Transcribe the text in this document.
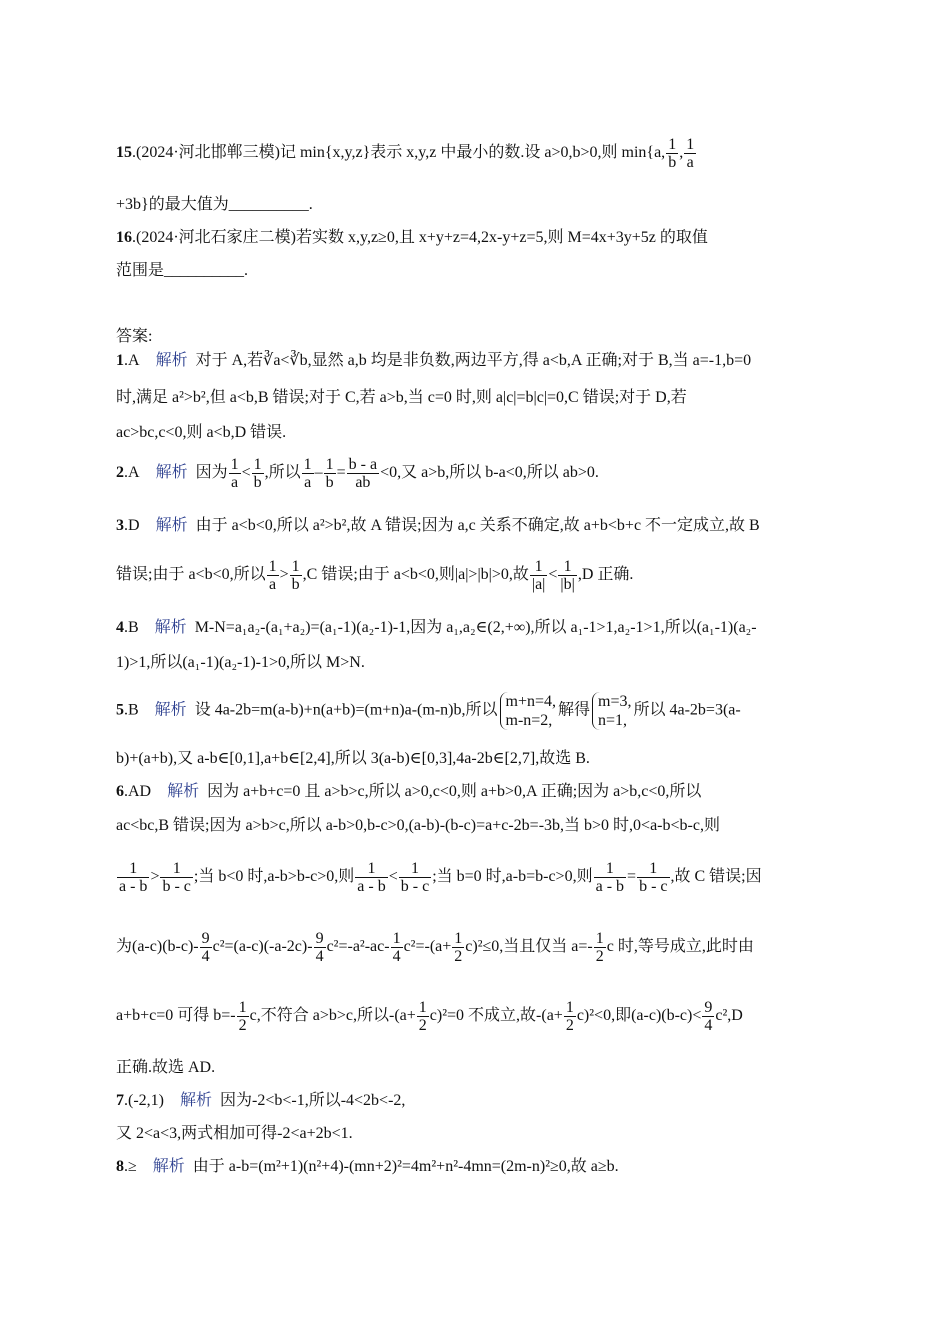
15.(2024·河北邯郸三模)记 min{x,y,z}表示 x,y,z 中最小的数.设 a>0,b>0,则 min{a, $\frac{1}{b}$ , $\frac{1}{a}$
+3b}的最大值为__________.
16.(2024·河北石家庄二模)若实数 x,y,z≥0,且 x+y+z=4,2x-y+z=5,则 M=4x+3y+5z 的取值
范围是__________.
答案:
1.A 解析 对于 A,若∛a<∛b,显然 a,b 均是非负数,两边平方,得 a<b,A 正确;对于 B,当 a=-1,b=0
时,满足 a²>b²,但 a<b,B 错误;对于 C,若 a>b,当 c=0 时,则 a|c|=b|c|=0,C 错误;对于 D,若
ac>bc,c<0,则 a<b,D 错误.
2.A 解析 因为 $\frac{1}{a} < \frac{1}{b}$ ,所以 $\frac{1}{a} - \frac{1}{b} = \frac{b - a}{ab} <0$,又 a>b,所以 b-a<0,所以 ab>0.
3.D 解析 由于 a<b<0,所以 a²>b²,故 A 错误;因为 a,c 关系不确定,故 a+b<b+c 不一定成立,故 B
错误;由于 a<b<0,所以 $\frac{1}{a} > \frac{1}{b} ,C$ 错误;由于 a<b<0,则|a|>|b|>0,故 $\frac{1}{|a|} < \frac{1}{|b|} ,D$ 正确.
4.B 解析 M-N=a₁a₂-(a₁+a₂)=(a₁-1)(a₂-1)-1,因为 a₁,a₂∈(2,+∞),所以 a₁-1>1,a₂-1>1,所以(a₁-1)(a₂-
1)>1,所以(a₁-1)(a₂-1)-1>0,所以 M>N.
5.B 解析 设 4a-2b=m(a-b)+n(a+b)=(m+n)a-(m-n)b,所以
m+n=4,
m-n=2,
解得
m=3,
n=1,
所以 4a-2b=3(a-
b)+(a+b),又 a-b∈[0,1],a+b∈[2,4],所以 3(a-b)∈[0,3],4a-2b∈[2,7],故选 B.
6.AD 解析 因为 a+b+c=0 且 a>b>c,所以 a>0,c<0,则 a+b>0,A 正确;因为 a>b,c<0,所以
ac<bc,B 错误;因为 a>b>c,所以 a-b>0,b-c>0,(a-b)-(b-c)=a+c-2b=-3b,当 b>0 时,0<a-b<b-c,则
$\frac{1}{a - b} > \frac{1}{b - c}$ ;当 b<0 时,a-b>b-c>0,则 $\frac{1}{a - b} < \frac{1}{b - c}$ ;当 b=0 时,a-b=b-c>0,则 $\frac{1}{a - b} = \frac{1}{b - c}$ ,故 C 错误;因
为$(a-c)(b-c)- \frac{9}{4} c^2=(a-c)(-a-2c)- \frac{9}{4} c^2=-a^2-ac- \frac{1}{4} c^2=-(a+ \frac{1}{2} c)^2\le 0$,当且仅当 $a=- \frac{1}{2}$ c 时,等号成立,此时由
a+b+c=0 可得 $b=- \frac{1}{2} c$,不符合 a>b>c,所以$-(a+ \frac{1}{2} c)^2=0$ 不成立,故$-(a+ \frac{1}{2} c)^2<0$,即$(a-c)(b-c)< \frac{9}{4} c^2,D$
正确.故选 AD.
7.(-2,1) 解析 因为-2<b<-1,所以-4<2b<-2,
又 2<a<3,两式相加可得-2<a+2b<1.
8.≥ 解析 由于 a-b=(m²+1)(n²+4)-(mn+2)²=4m²+n²-4mn=(2m-n)²≥0,故 a≥b.
